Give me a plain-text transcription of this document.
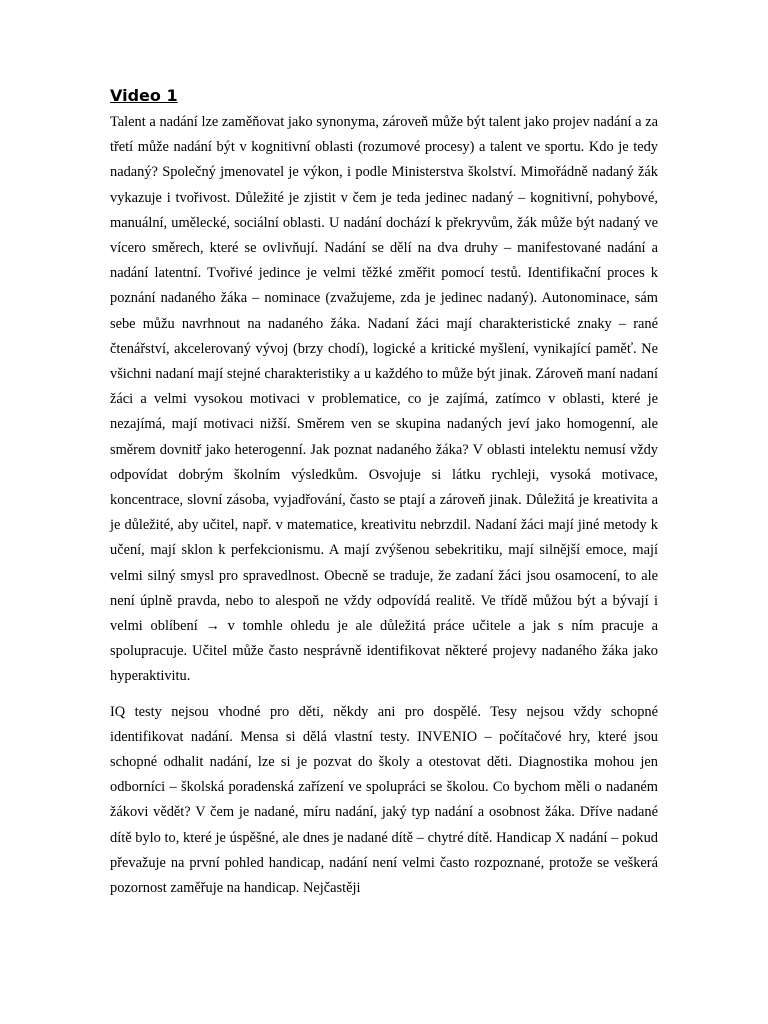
Video 1

Talent a nadání lze zaměňovat jako synonyma, zároveň může být talent jako projev nadání a za třetí může nadání být v kognitivní oblasti (rozumové procesy) a talent ve sportu. Kdo je tedy nadaný? Společný jmenovatel je výkon, i podle Ministerstva školství. Mimořádně nadaný žák vykazuje i tvořivost. Důležité je zjistit v čem je teda jedinec nadaný – kognitivní, pohybové, manuální, umělecké, sociální oblasti. U nadání dochází k překryvům, žák může být nadaný ve vícero směrech, které se ovlivňují. Nadání se dělí na dva druhy – manifestované nadání a nadání latentní. Tvořivé jedince je velmi těžké změřit pomocí testů. Identifikační proces k poznání nadaného žáka – nominace (zvažujeme, zda je jedinec nadaný). Autonominace, sám sebe můžu navrhnout na nadaného žáka. Nadaní žáci mají charakteristické znaky – rané čtenářství, akcelerovaný vývoj (brzy chodí), logické a kritické myšlení, vynikající paměť. Ne všichni nadaní mají stejné charakteristiky a u každého to může být jinak. Zároveň maní nadaní žáci a velmi vysokou motivaci v problematice, co je zajímá, zatímco v oblasti, které je nezajímá, mají motivaci nižší. Směrem ven se skupina nadaných jeví jako homogenní, ale směrem dovnitř jako heterogenní. Jak poznat nadaného žáka? V oblasti intelektu nemusí vždy odpovídat dobrým školním výsledkům. Osvojuje si látku rychleji, vysoká motivace, koncentrace, slovní zásoba, vyjadřování, často se ptají a zároveň jinak. Důležitá je kreativita a je důležité, aby učitel, např. v matematice, kreativitu nebrzdil. Nadaní žáci mají jiné metody k učení, mají sklon k perfekcionismu. A mají zvýšenou sebekritiku, mají silnější emoce, mají velmi silný smysl pro spravedlnost. Obecně se traduje, že zadaní žáci jsou osamocení, to ale není úplně pravda, nebo to alespoň ne vždy odpovídá realitě. Ve třídě můžou být a bývají i velmi oblíbení → v tomhle ohledu je ale důležitá práce učitele a jak s ním pracuje a spolupracuje. Učitel může často nesprávně identifikovat některé projevy nadaného žáka jako hyperaktivitu.

IQ testy nejsou vhodné pro děti, někdy ani pro dospělé. Tesy nejsou vždy schopné identifikovat nadání. Mensa si dělá vlastní testy. INVENIO – počítačové hry, které jsou schopné odhalit nadání, lze si je pozvat do školy a otestovat děti. Diagnostika mohou jen odborníci – školská poradenská zařízení ve spolupráci se školou. Co bychom měli o nadaném žákovi vědět? V čem je nadané, míru nadání, jaký typ nadání a osobnost žáka. Dříve nadané dítě bylo to, které je úspěšné, ale dnes je nadané dítě – chytré dítě. Handicap X nadání – pokud převažuje na první pohled handicap, nadání není velmi často rozpoznané, protože se veškerá pozornost zaměřuje na handicap. Nejčastěji
